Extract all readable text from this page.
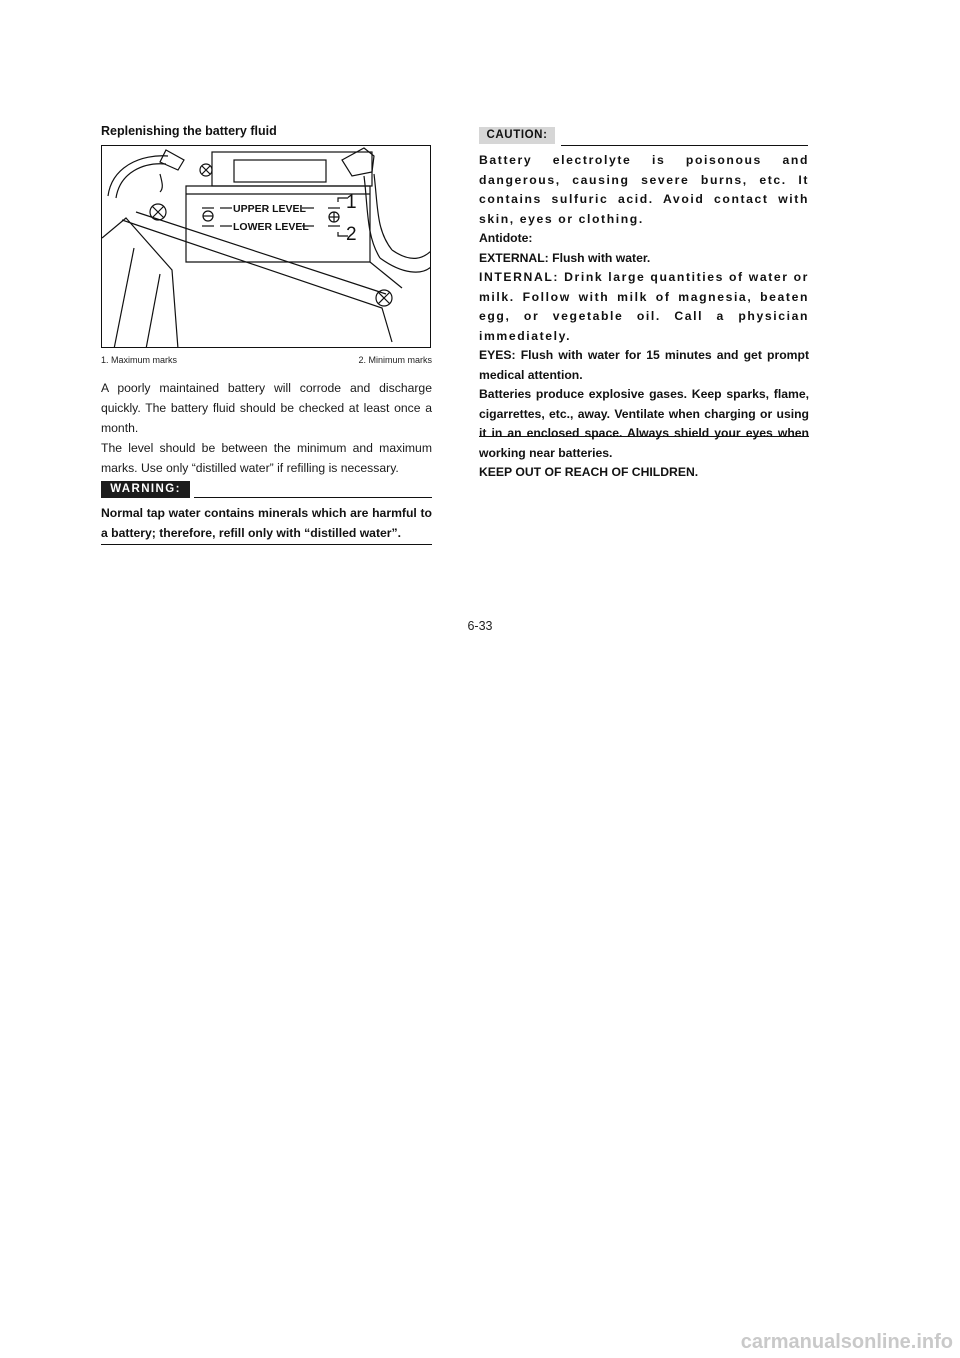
Replenishing the battery fluid
UPPER LEVEL
LOWER LEVEL
1
2
1. Maximum marks	2. Minimum marks
A poorly maintained battery will corrode and discharge quickly. The battery fluid should be checked at least once a month.
The level should be between the minimum and maximum marks. Use only “distilled water” if refilling is necessary.
WARNING:
Normal tap water contains minerals which are harmful to a battery; therefore, refill only with “distilled water”.
CAUTION:
Battery electrolyte is poisonous and dangerous, causing severe burns, etc. It contains sulfuric acid. Avoid contact with skin, eyes or clothing.
Antidote:
EXTERNAL: Flush with water.
INTERNAL: Drink large quantities of water or milk. Follow with milk of magnesia, beaten egg, or vegetable oil. Call a physician immediately.
EYES: Flush with water for 15 minutes and get prompt medical attention.
Batteries produce explosive gases. Keep sparks, flame, cigarrettes, etc., away. Ventilate when charging or using it in an enclosed space. Always shield your eyes when working near batteries.
KEEP OUT OF REACH OF CHILDREN.
6-33
carmanualsonline.info
